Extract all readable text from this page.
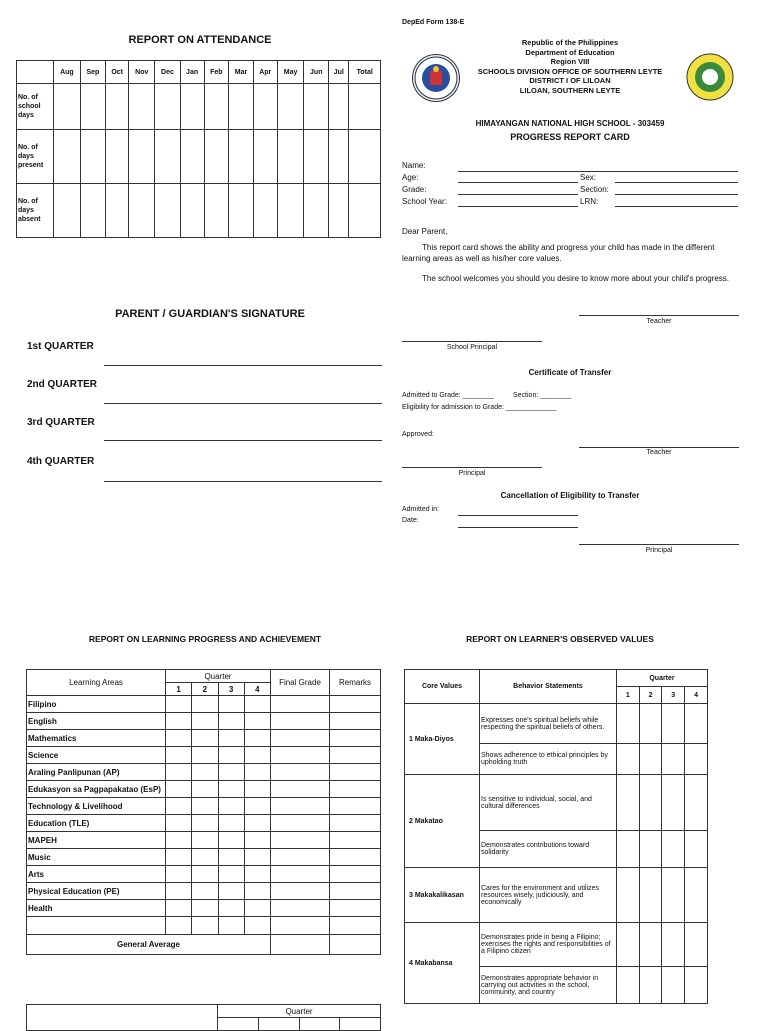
REPORT ON ATTENDANCE
	Aug	Sep	Oct	Nov	Dec	Jan	Feb	Mar	Apr	May	Jun	Jul	Total
No. of school days													
No. of days present													
No. of days absent													
PARENT / GUARDIAN'S SIGNATURE
1st QUARTER
2nd QUARTER
3rd QUARTER
4th QUARTER
DepEd Form 138-E
Republic of the Philippines
Department of Education
Region VIII
SCHOOLS DIVISION OFFICE OF SOUTHERN LEYTE
DISTRICT I OF LILOAN
LILOAN, SOUTHERN LEYTE
HIMAYANGAN NATIONAL HIGH SCHOOL - 303459
PROGRESS REPORT CARD
Name:
Age:	Sex:
Grade:	Section:
School Year:	LRN:
Dear Parent,
This report card shows the ability and progress your child has made in the different learning areas as well as his/her core values.
The school welcomes you should you desire to know more about your child's progress.
Teacher
School Principal
Certificate of Transfer
Admitted to Grade: ________	Section: ________
Eligibility for admission to Grade: _____________
Approved:
Teacher
Principal
Cancellation of Eligibility to Transfer
Admitted in:
Date:
Principal
REPORT ON LEARNING PROGRESS AND ACHIEVEMENT
Learning Areas	Quarter				Final Grade	Remarks
	1	2	3	4		
Filipino						
English						
Mathematics						
Science						
Araling Panlipunan (AP)						
Edukasyon sa Pagpapakatao (EsP)						
Technology & Livelihood						
Education (TLE)						
MAPEH						
Music						
Arts						
Physical Education (PE)						
Health						

General Average						
	Quarter			

REPORT ON LEARNER'S OBSERVED VALUES
Core Values	Behavior Statements	Quarter			
		1	2	3	4
1 Maka-Diyos	Expresses one's spiritual beliefs while respecting the spiritual beliefs of others.				
	Shows adherence to ethical principles by upholding truth				
2 Makatao	Is sensitive to individual, social, and cultural differences				
	Demonstrates contributions toward solidarity				
3 Makakalikasan	Cares for the environment and utilizes resources wisely, judiciously, and economically				
4 Makabansa	Demonstrates pride in being a Filipino; exercises the rights and responsibilities of a Filipino citizen				
	Demonstrates appropriate behavior in carrying out activities in the school, community, and country				
